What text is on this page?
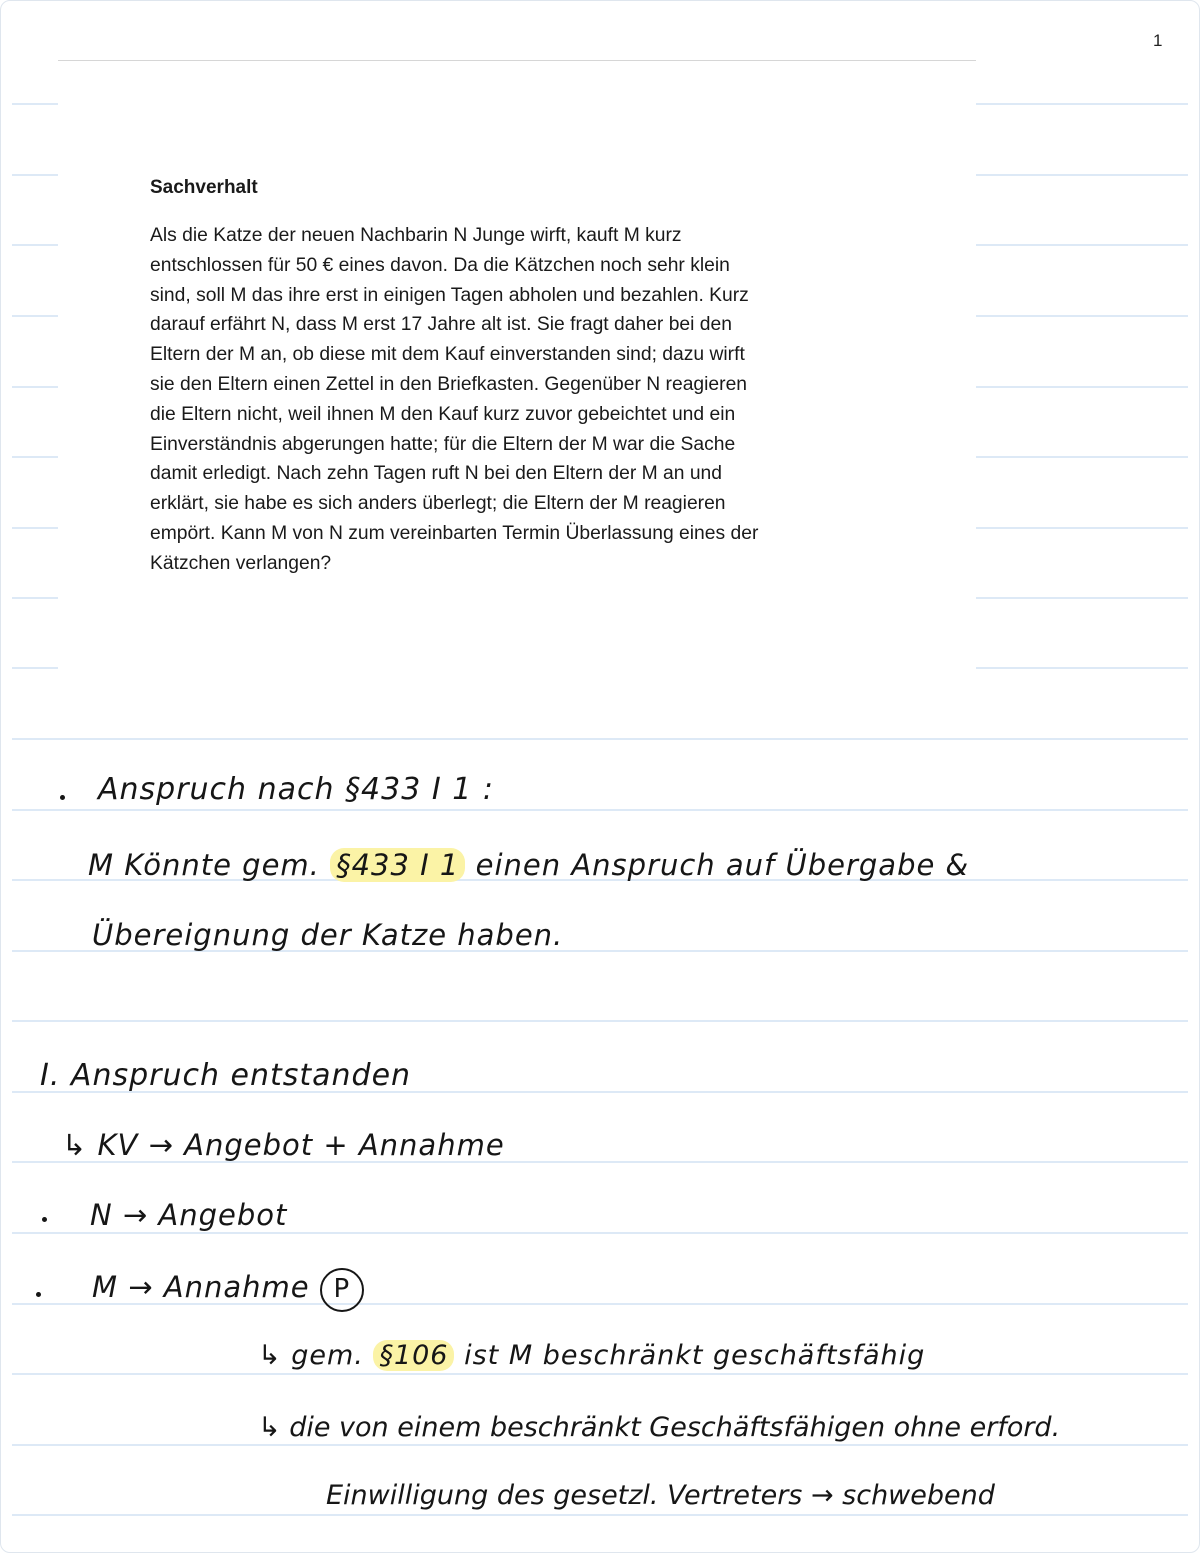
1
Sachverhalt
Als die Katze der neuen Nachbarin N Junge wirft, kauft M kurz
entschlossen für 50 € eines davon. Da die Kätzchen noch sehr klein
sind, soll M das ihre erst in einigen Tagen abholen und bezahlen. Kurz
darauf erfährt N, dass M erst 17 Jahre alt ist. Sie fragt daher bei den
Eltern der M an, ob diese mit dem Kauf einverstanden sind; dazu wirft
sie den Eltern einen Zettel in den Briefkasten. Gegenüber N reagieren
die Eltern nicht, weil ihnen M den Kauf kurz zuvor gebeichtet und ein
Einverständnis abgerungen hatte; für die Eltern der M war die Sache
damit erledigt. Nach zehn Tagen ruft N bei den Eltern der M an und
erklärt, sie habe es sich anders überlegt; die Eltern der M reagieren
empört. Kann M von N zum vereinbarten Termin Überlassung eines der
Kätzchen verlangen?
Anspruch nach §433 I 1 :
M Könnte gem. §433 I 1 einen Anspruch auf Übergabe &
Übereignung der Katze haben.
I. Anspruch entstanden
↳ KV → Angebot + Annahme
N → Angebot
M → Annahme P
↳ gem. §106 ist M beschränkt geschäftsfähig
↳ die von einem beschränkt Geschäftsfähigen ohne erford.
Einwilligung des gesetzl. Vertreters → schwebend
